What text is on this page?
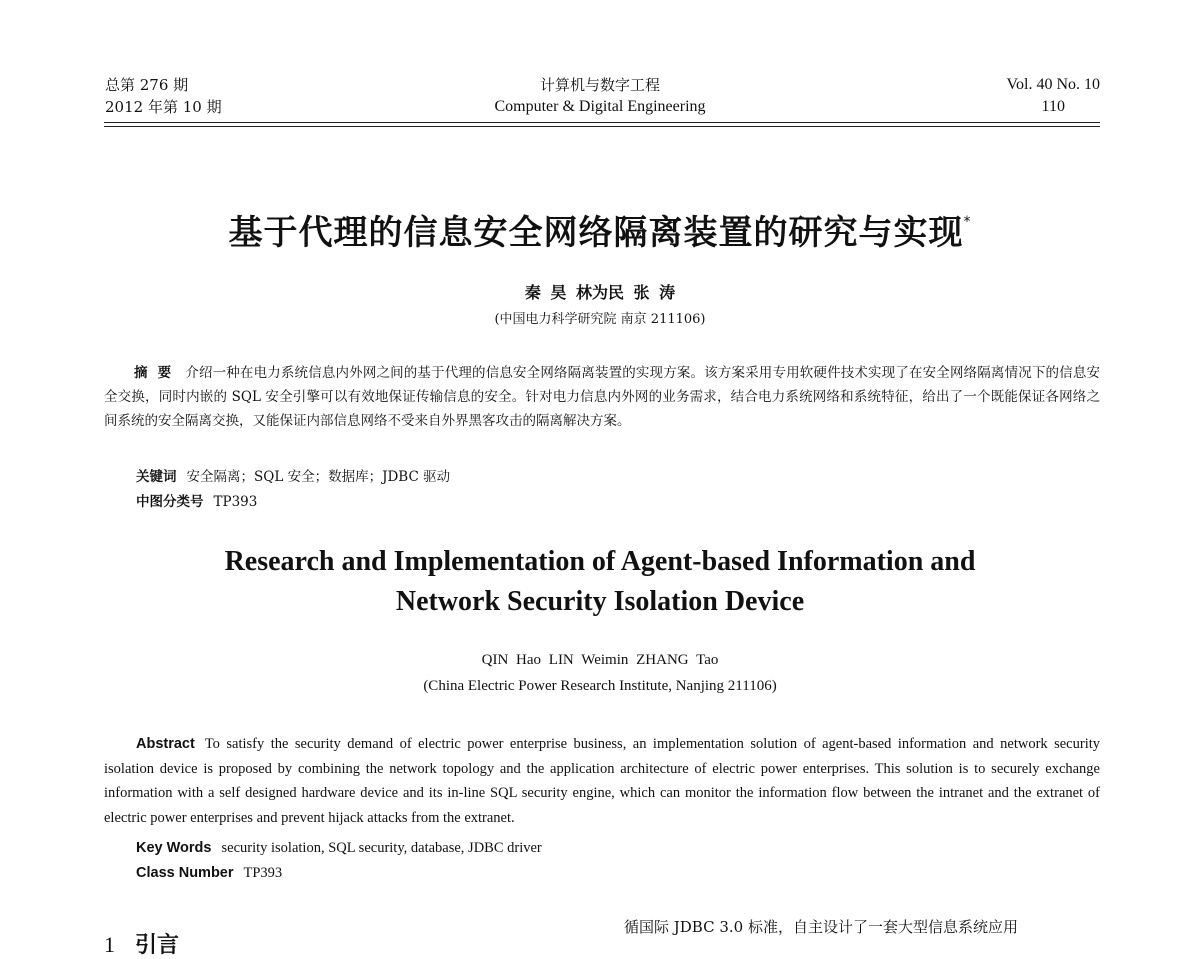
总第 276 期
2012 年第 10 期
计算机与数字工程
Computer & Digital Engineering
Vol. 40 No. 10
110
基于代理的信息安全网络隔离装置的研究与实现*
秦 昊 林为民 张 涛
(中国电力科学研究院 南京 211106)
摘要 介绍一种在电力系统信息内外网之间的基于代理的信息安全网络隔离装置的实现方案。该方案采用专用软硬件技术实现了在安全网络隔离情况下的信息安全交换，同时内嵌的 SQL 安全引擎可以有效地保证传输信息的安全。针对电力信息内外网的业务需求，结合电力系统网络和系统特征，给出了一个既能保证各网络之间系统的安全隔离交换，又能保证内部信息网络不受来自外界黑客攻击的隔离解决方案。
关键词 安全隔离；SQL 安全；数据库；JDBC 驱动
中图分类号 TP393
Research and Implementation of Agent-based Information and
Network Security Isolation Device
QIN Hao LIN Weimin ZHANG Tao
(China Electric Power Research Institute, Nanjing 211106)
Abstract To satisfy the security demand of electric power enterprise business, an implementation solution of agent-based information and network security isolation device is proposed by combining the network topology and the application architecture of electric power enterprises. This solution is to securely exchange information with a self designed hardware device and its in-line SQL security engine, which can monitor the information flow between the intranet and the extranet of electric power enterprises and prevent hijack attacks from the extranet.
Key Words security isolation, SQL security, database, JDBC driver
Class Number TP393
1 引言
循国际 JDBC 3.0 标准，自主设计了一套大型信息系统应用
